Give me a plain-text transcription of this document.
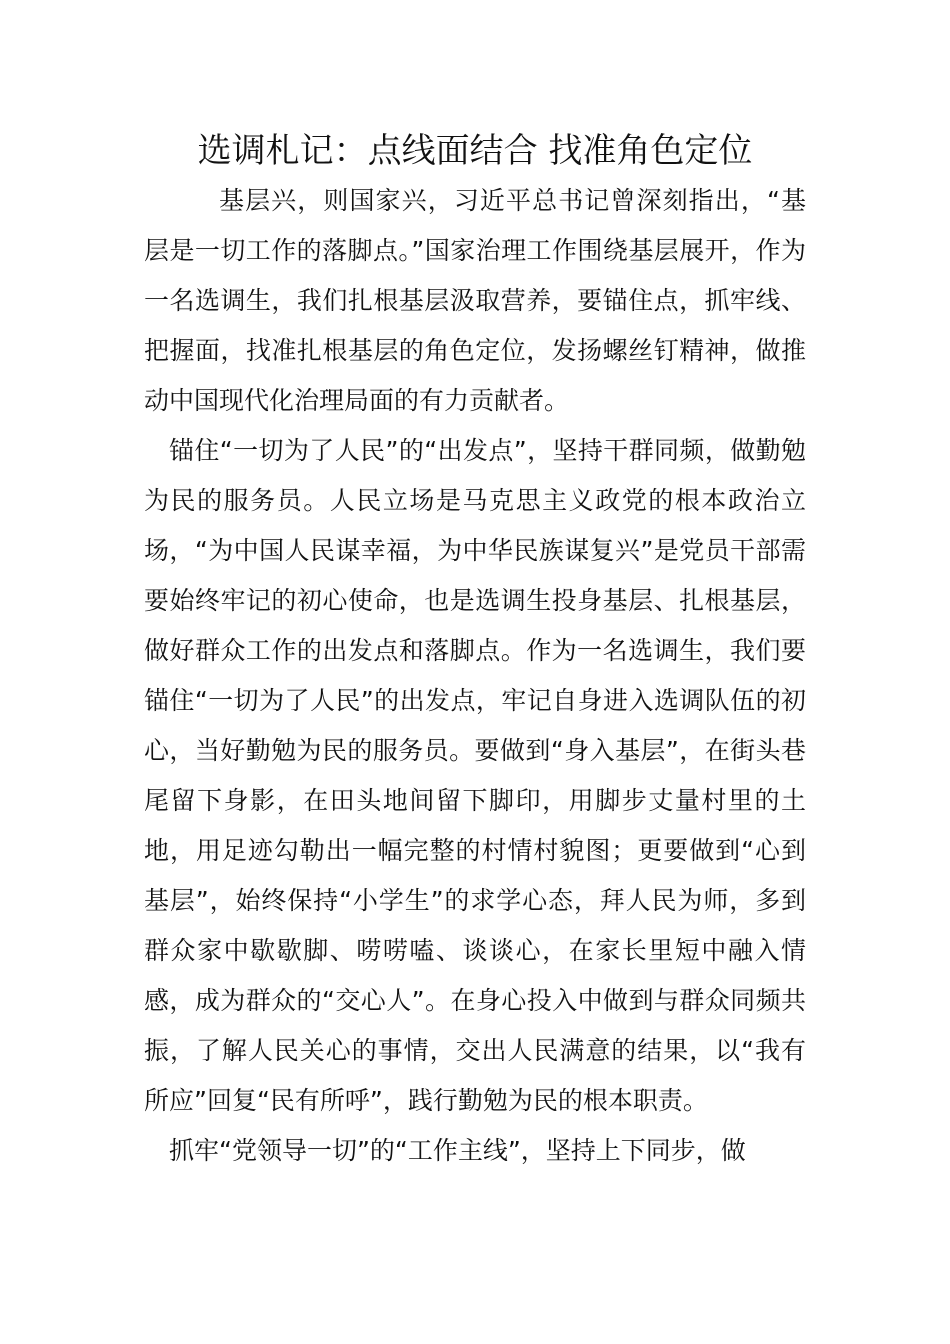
选调札记：点线面结合 找准角色定位

基层兴，则国家兴，习近平总书记曾深刻指出，“基层是一切工作的落脚点。”国家治理工作围绕基层展开，作为一名选调生，我们扎根基层汲取营养，要锚住点，抓牢线、把握面，找准扎根基层的角色定位，发扬螺丝钉精神，做推动中国现代化治理局面的有力贡献者。

锚住“一切为了人民”的“出发点”，坚持干群同频，做勤勉为民的服务员。人民立场是马克思主义政党的根本政治立场，“为中国人民谋幸福，为中华民族谋复兴”是党员干部需要始终牢记的初心使命，也是选调生投身基层、扎根基层，做好群众工作的出发点和落脚点。作为一名选调生，我们要锚住“一切为了人民”的出发点，牢记自身进入选调队伍的初心，当好勤勉为民的服务员。要做到“身入基层”，在街头巷尾留下身影，在田头地间留下脚印，用脚步丈量村里的土地，用足迹勾勒出一幅完整的村情村貌图；更要做到“心到基层”，始终保持“小学生”的求学心态，拜人民为师，多到群众家中歇歇脚、唠唠嗑、谈谈心，在家长里短中融入情感，成为群众的“交心人”。在身心投入中做到与群众同频共振，了解人民关心的事情，交出人民满意的结果，以“我有所应”回复“民有所呼”，践行勤勉为民的根本职责。

抓牢“党领导一切”的“工作主线”，坚持上下同步，做
